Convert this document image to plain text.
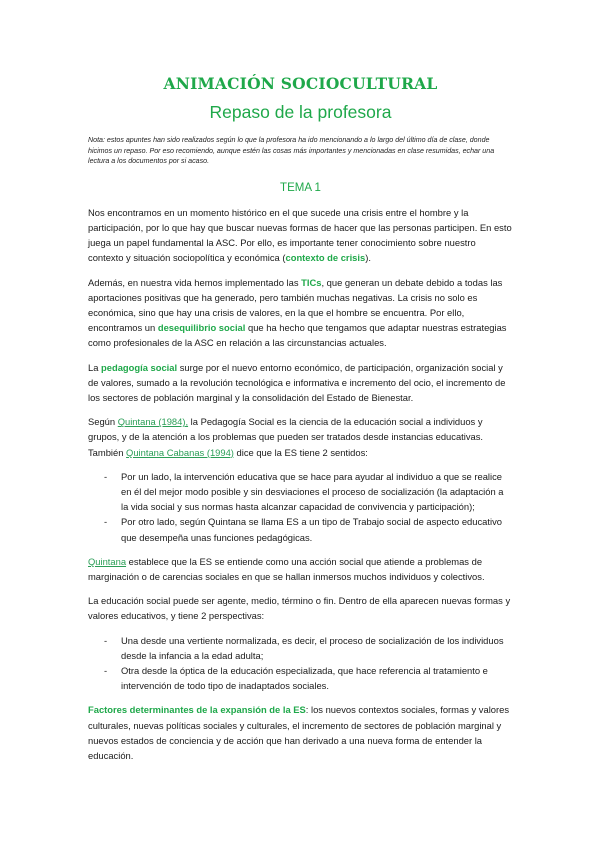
ANIMACIÓN SOCIOCULTURAL
Repaso de la profesora
Nota: estos apuntes han sido realizados según lo que la profesora ha ido mencionando a lo largo del último día de clase, donde hicimos un repaso. Por eso recomiendo, aunque estén las cosas más importantes y mencionadas en clase resumidas, echar una lectura a los documentos por si acaso.
TEMA 1

Nos encontramos en un momento histórico en el que sucede una crisis entre el hombre y la participación, por lo que hay que buscar nuevas formas de hacer que las personas participen. En esto juega un papel fundamental la ASC. Por ello, es importante tener conocimiento sobre nuestro contexto y situación sociopolítica y económica (contexto de crisis).

Además, en nuestra vida hemos implementado las TICs, que generan un debate debido a todas las aportaciones positivas que ha generado, pero también muchas negativas. La crisis no solo es económica, sino que hay una crisis de valores, en la que el hombre se encuentra. Por ello, encontramos un desequilibrio social que ha hecho que tengamos que adaptar nuestras estrategias como profesionales de la ASC en relación a las circunstancias actuales.

La pedagogía social surge por el nuevo entorno económico, de participación, organización social y de valores, sumado a la revolución tecnológica e informativa e incremento del ocio, el incremento de los sectores de población marginal y la consolidación del Estado de Bienestar.

Según Quintana (1984), la Pedagogía Social es la ciencia de la educación social a individuos y grupos, y de la atención a los problemas que pueden ser tratados desde instancias educativas. También Quintana Cabanas (1994) dice que la ES tiene 2 sentidos:

- Por un lado, la intervención educativa que se hace para ayudar al individuo a que se realice en él del mejor modo posible y sin desviaciones el proceso de socialización (la adaptación a la vida social y sus normas hasta alcanzar capacidad de convivencia y participación);
- Por otro lado, según Quintana se llama ES a un tipo de Trabajo social de aspecto educativo que desempeña unas funciones pedagógicas.

Quintana establece que la ES se entiende como una acción social que atiende a problemas de marginación o de carencias sociales en que se hallan inmersos muchos individuos y colectivos.

La educación social puede ser agente, medio, término o fin. Dentro de ella aparecen nuevas formas y valores educativos, y tiene 2 perspectivas:

- Una desde una vertiente normalizada, es decir, el proceso de socialización de los individuos desde la infancia a la edad adulta;
- Otra desde la óptica de la educación especializada, que hace referencia al tratamiento e intervención de todo tipo de inadaptados sociales.

Factores determinantes de la expansión de la ES: los nuevos contextos sociales, formas y valores culturales, nuevas políticas sociales y culturales, el incremento de sectores de población marginal y nuevos estados de conciencia y de acción que han derivado a una nueva forma de entender la educación.
